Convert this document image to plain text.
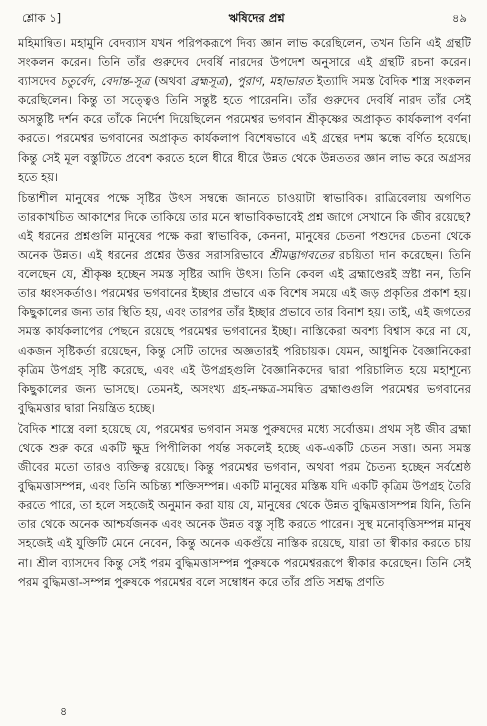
শ্লোক ১]	ঋষিদের প্রশ্ন	৪৯

মহিমান্বিত। মহামুনি বেদব্যাস যখন পরিপকরূপে দিব্য জ্ঞান লাভ করেছিলেন, তখন তিনি এই গ্রন্থটি সংকলন করেন। তিনি তাঁর গুরুদেব দেবর্ষি নারদের উপদেশ অনুসারে এই গ্রন্থটি রচনা করেন। ব্যাসদেব চতুর্বেদ, বেদান্ত-সূত্র (অথবা ব্রহ্মসূত্র), পুরাণ, মহাভারত ইত্যাদি সমস্ত বৈদিক শাস্ত্র সংকলন করেছিলেন। কিন্তু তা সত্ত্বেও তিনি সন্তুষ্ট হতে পারেননি। তাঁর গুরুদেব দেবর্ষি নারদ তাঁর সেই অসন্তুষ্টি দর্শন করে তাঁকে নির্দেশ দিয়েছিলেন পরমেশ্বর ভগবান শ্রীকৃষ্ণের অপ্রাকৃত কার্যকলাপ বর্ণনা করতে। পরমেশ্বর ভগবানের অপ্রাকৃত কার্যকলাপ বিশেষভাবে এই গ্রন্থের দশম স্কন্ধে বর্ণিত হয়েছে। কিন্তু সেই মূল বস্তুটিতে প্রবেশ করতে হলে ধীরে ধীরে উন্নত থেকে উন্নততর জ্ঞান লাভ করে অগ্রসর হতে হয়।

চিন্তাশীল মানুষের পক্ষে সৃষ্টির উৎস সম্বন্ধে জানতে চাওয়াটা স্বাভাবিক। রাত্রিবেলায় অগণিত তারকাখচিত আকাশের দিকে তাকিয়ে তার মনে স্বাভাবিকভাবেই প্রশ্ন জাগে সেখানে কি জীব রয়েছে? এই ধরনের প্রশ্নগুলি মানুষের পক্ষে করা স্বাভাবিক, কেননা, মানুষের চেতনা পশুদের চেতনা থেকে অনেক উন্নত। এই ধরনের প্রশ্নের উত্তর সরাসরিভাবে শ্রীমদ্ভাগবতের রচয়িতা দান করেছেন। তিনি বলেছেন যে, শ্রীকৃষ্ণ হচ্ছেন সমস্ত সৃষ্টির আদি উৎস। তিনি কেবল এই ব্রহ্মাণ্ডেরই স্রষ্টা নন, তিনি তার ধ্বংসকর্তাও। পরমেশ্বর ভগবানের ইচ্ছার প্রভাবে এক বিশেষ সময়ে এই জড় প্রকৃতির প্রকাশ হয়। কিছুকালের জন্য তার স্থিতি হয়, এবং তারপর তাঁর ইচ্ছার প্রভাবে তার বিনাশ হয়। তাই, এই জগতের সমস্ত কার্যকলাপের পেছনে রয়েছে পরমেশ্বর ভগবানের ইচ্ছা। নাস্তিকেরা অবশ্য বিশ্বাস করে না যে, একজন সৃষ্টিকর্তা রয়েছেন, কিন্তু সেটি তাদের অজ্ঞতারই পরিচায়ক। যেমন, আধুনিক বৈজ্ঞানিকেরা কৃত্রিম উপগ্রহ সৃষ্টি করেছে, এবং এই উপগ্রহগুলি বৈজ্ঞানিকদের দ্বারা পরিচালিত হয়ে মহাশূন্যে কিছুকালের জন্য ভাসছে। তেমনই, অসংখ্য গ্রহ-নক্ষত্র-সমন্বিত ব্রহ্মাণ্ডগুলি পরমেশ্বর ভগবানের বুদ্ধিমত্তার দ্বারা নিয়ন্ত্রিত হচ্ছে।

বৈদিক শাস্ত্রে বলা হয়েছে যে, পরমেশ্বর ভগবান সমস্ত পুরুষদের মধ্যে সর্বোত্তম। প্রথম সৃষ্ট জীব ব্রহ্মা থেকে শুরু করে একটি ক্ষুদ্র পিপীলিকা পর্যন্ত সকলেই হচ্ছে এক-একটি চেতন সত্তা। অন্য সমস্ত জীবের মতো তারও ব্যক্তিত্ব রয়েছে। কিন্তু পরমেশ্বর ভগবান, অথবা পরম চৈতন্য হচ্ছেন সর্বশ্রেষ্ঠ বুদ্ধিমত্তাসম্পন্ন, এবং তিনি অচিন্ত্য শক্তিসম্পন্ন। একটি মানুষের মস্তিষ্ক যদি একটি কৃত্রিম উপগ্রহ তৈরি করতে পারে, তা হলে সহজেই অনুমান করা যায় যে, মানুষের থেকে উন্নত বুদ্ধিমত্তাসম্পন্ন যিনি, তিনি তার থেকে অনেক আশ্চর্যজনক এবং অনেক উন্নত বস্তু সৃষ্টি করতে পারেন। সুস্থ মনোবৃত্তিসম্পন্ন মানুষ সহজেই এই যুক্তিটি মেনে নেবেন, কিন্তু অনেক একগুঁয়ে নাস্তিক রয়েছে, যারা তা স্বীকার করতে চায় না। শ্রীল ব্যাসদেব কিন্তু সেই পরম বুদ্ধিমত্তাসম্পন্ন পুরুষকে পরমেশ্বররূপে স্বীকার করেছেন। তিনি সেই পরম বুদ্ধিমত্তা-সম্পন্ন পুরুষকে পরমেশ্বর বলে সম্বোধন করে তাঁর প্রতি সশ্রদ্ধ প্রণতি

৪
